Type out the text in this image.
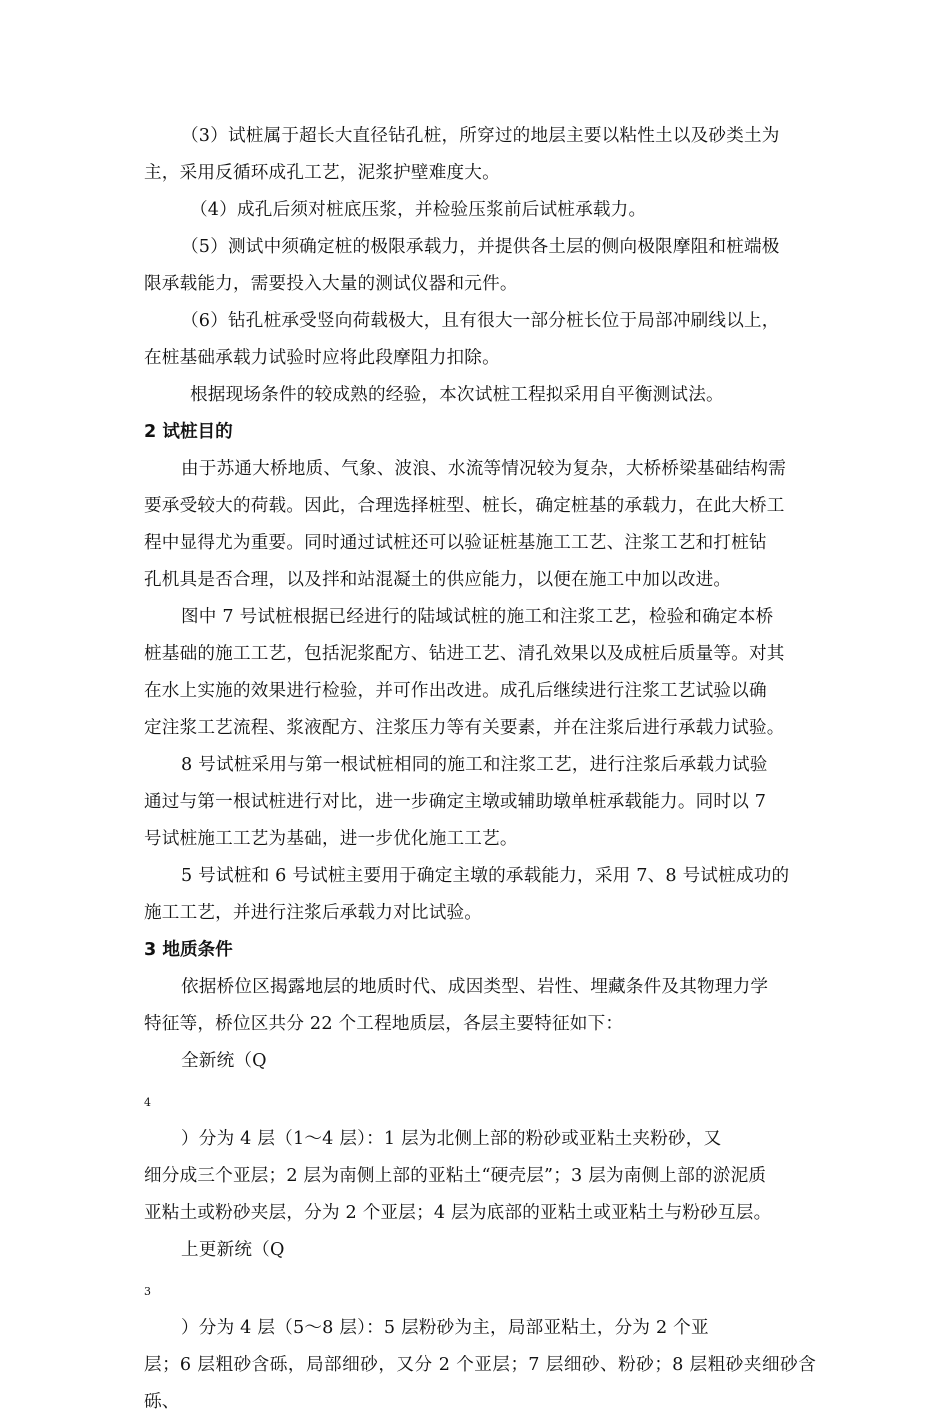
（3）试桩属于超长大直径钻孔桩，所穿过的地层主要以粘性土以及砂类土为
主，采用反循环成孔工艺，泥浆护壁难度大。

（4）成孔后须对桩底压浆，并检验压浆前后试桩承载力。

（5）测试中须确定桩的极限承载力，并提供各土层的侧向极限摩阻和桩端极
限承载能力，需要投入大量的测试仪器和元件。

（6）钻孔桩承受竖向荷载极大，且有很大一部分桩长位于局部冲刷线以上，
在桩基础承载力试验时应将此段摩阻力扣除。

根据现场条件的较成熟的经验，本次试桩工程拟采用自平衡测试法。

2 试桩目的

由于苏通大桥地质、气象、波浪、水流等情况较为复杂，大桥桥梁基础结构需
要承受较大的荷载。因此，合理选择桩型、桩长，确定桩基的承载力，在此大桥工
程中显得尤为重要。同时通过试桩还可以验证桩基施工工艺、注浆工艺和打桩钻
孔机具是否合理，以及拌和站混凝土的供应能力，以便在施工中加以改进。

图中 7 号试桩根据已经进行的陆域试桩的施工和注浆工艺，检验和确定本桥
桩基础的施工工艺，包括泥浆配方、钻进工艺、清孔效果以及成桩后质量等。对其
在水上实施的效果进行检验，并可作出改进。成孔后继续进行注浆工艺试验以确
定注浆工艺流程、浆液配方、注浆压力等有关要素，并在注浆后进行承载力试验。

8 号试桩采用与第一根试桩相同的施工和注浆工艺，进行注浆后承载力试验
通过与第一根试桩进行对比，进一步确定主墩或辅助墩单桩承载能力。同时以 7
号试桩施工工艺为基础，进一步优化施工工艺。

5 号试桩和 6 号试桩主要用于确定主墩的承载能力，采用 7、8 号试桩成功的
施工工艺，并进行注浆后承载力对比试验。

3 地质条件

依据桥位区揭露地层的地质时代、成因类型、岩性、埋藏条件及其物理力学
特征等，桥位区共分 22 个工程地质层，各层主要特征如下：

全新统（Q
$_4$
）分为 4 层（1～4 层）：1 层为北侧上部的粉砂或亚粘土夹粉砂，又
细分成三个亚层；2 层为南侧上部的亚粘土“硬壳层”；3 层为南侧上部的淤泥质
亚粘土或粉砂夹层，分为 2 个亚层；4 层为底部的亚粘土或亚粘土与粉砂互层。

上更新统（Q
$_3$
）分为 4 层（5～8 层）：5 层粉砂为主，局部亚粘土，分为 2 个亚
层；6 层粗砂含砾，局部细砂，又分 2 个亚层；7 层细砂、粉砂；8 层粗砂夹细砂含砾、
